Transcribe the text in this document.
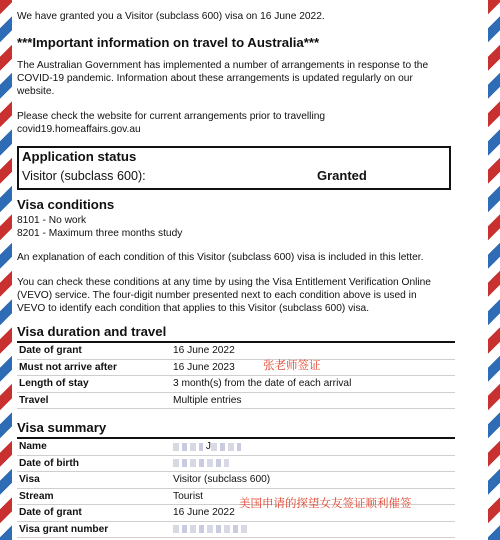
We have granted you a Visitor (subclass 600) visa on 16 June 2022.

***Important information on travel to Australia***

The Australian Government has implemented a number of arrangements in response to the COVID-19 pandemic. Information about these arrangements is updated regularly on our website.

Please check the website for current arrangements prior to travelling

covid19.homeaffairs.gov.au

Application status
Visitor (subclass 600):	Granted
Visa conditions
8101 - No work
8201 - Maximum three months study

An explanation of each condition of this Visitor (subclass 600) visa is included in this letter.

You can check these conditions at any time by using the Visa Entitlement Verification Online (VEVO) service. The four-digit number presented next to each condition above is used in VEVO to identify each condition that applies to this Visitor (subclass 600) visa.

Visa duration and travel
Date of grant	16 June 2022
Must not arrive after	16 June 2023
Length of stay	3 month(s) from the date of each arrival
Travel	Multiple entries
Visa summary
Name	J
Date of birth	
Visa	Visitor (subclass 600)
Stream	Tourist
Date of grant	16 June 2022
Visa grant number	
张老师签证
美国申请的探望女友签证顺利催签
